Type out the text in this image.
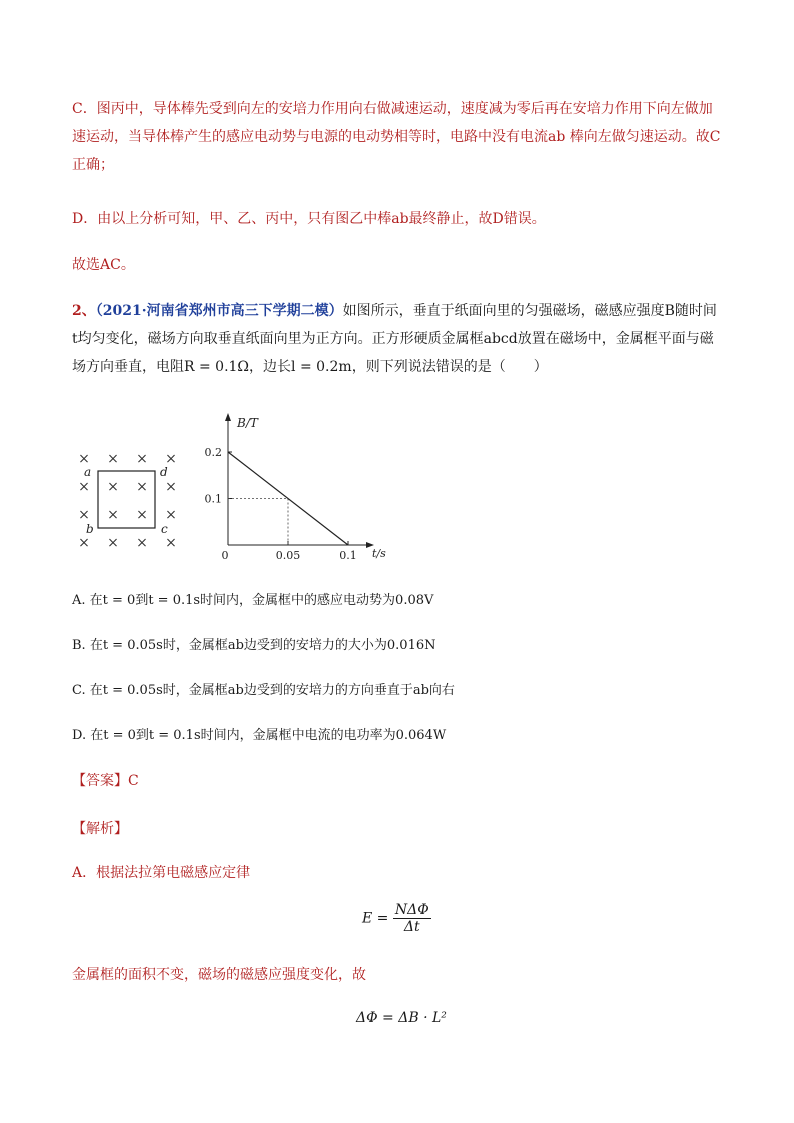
C．图丙中，导体棒先受到向左的安培力作用向右做减速运动，速度减为零后再在安培力作用下向左做加速运动，当导体棒产生的感应电动势与电源的电动势相等时，电路中没有电流ab 棒向左做匀速运动。故C正确；
D．由以上分析可知，甲、乙、丙中，只有图乙中棒ab最终静止，故D错误。
故选AC。
2、（2021·河南省郑州市高三下学期二模）如图所示，垂直于纸面向里的匀强磁场，磁感应强度B随时间t均匀变化，磁场方向取垂直纸面向里为正方向。正方形硬质金属框abcd放置在磁场中，金属框平面与磁场方向垂直，电阻R = 0.1Ω，边长l = 0.2m，则下列说法错误的是（　　）
× × × ×
× × × ×
× × × ×
× × × ×
a
b	c
d
B/T
t/s
0.2
0.1
0	0.05	0.1
A. 在t = 0到t = 0.1s时间内，金属框中的感应电动势为0.08V
B. 在t = 0.05s时，金属框ab边受到的安培力的大小为0.016N
C. 在t = 0.05s时，金属框ab边受到的安培力的方向垂直于ab向右
D. 在t = 0到t = 0.1s时间内，金属框中电流的电功率为0.064W
【答案】C
【解析】
A．根据法拉第电磁感应定律
$E = \frac{\text{NΔΦ}}{\Delta t}$
金属框的面积不变，磁场的磁感应强度变化，故
ΔΦ = ΔB · L²
